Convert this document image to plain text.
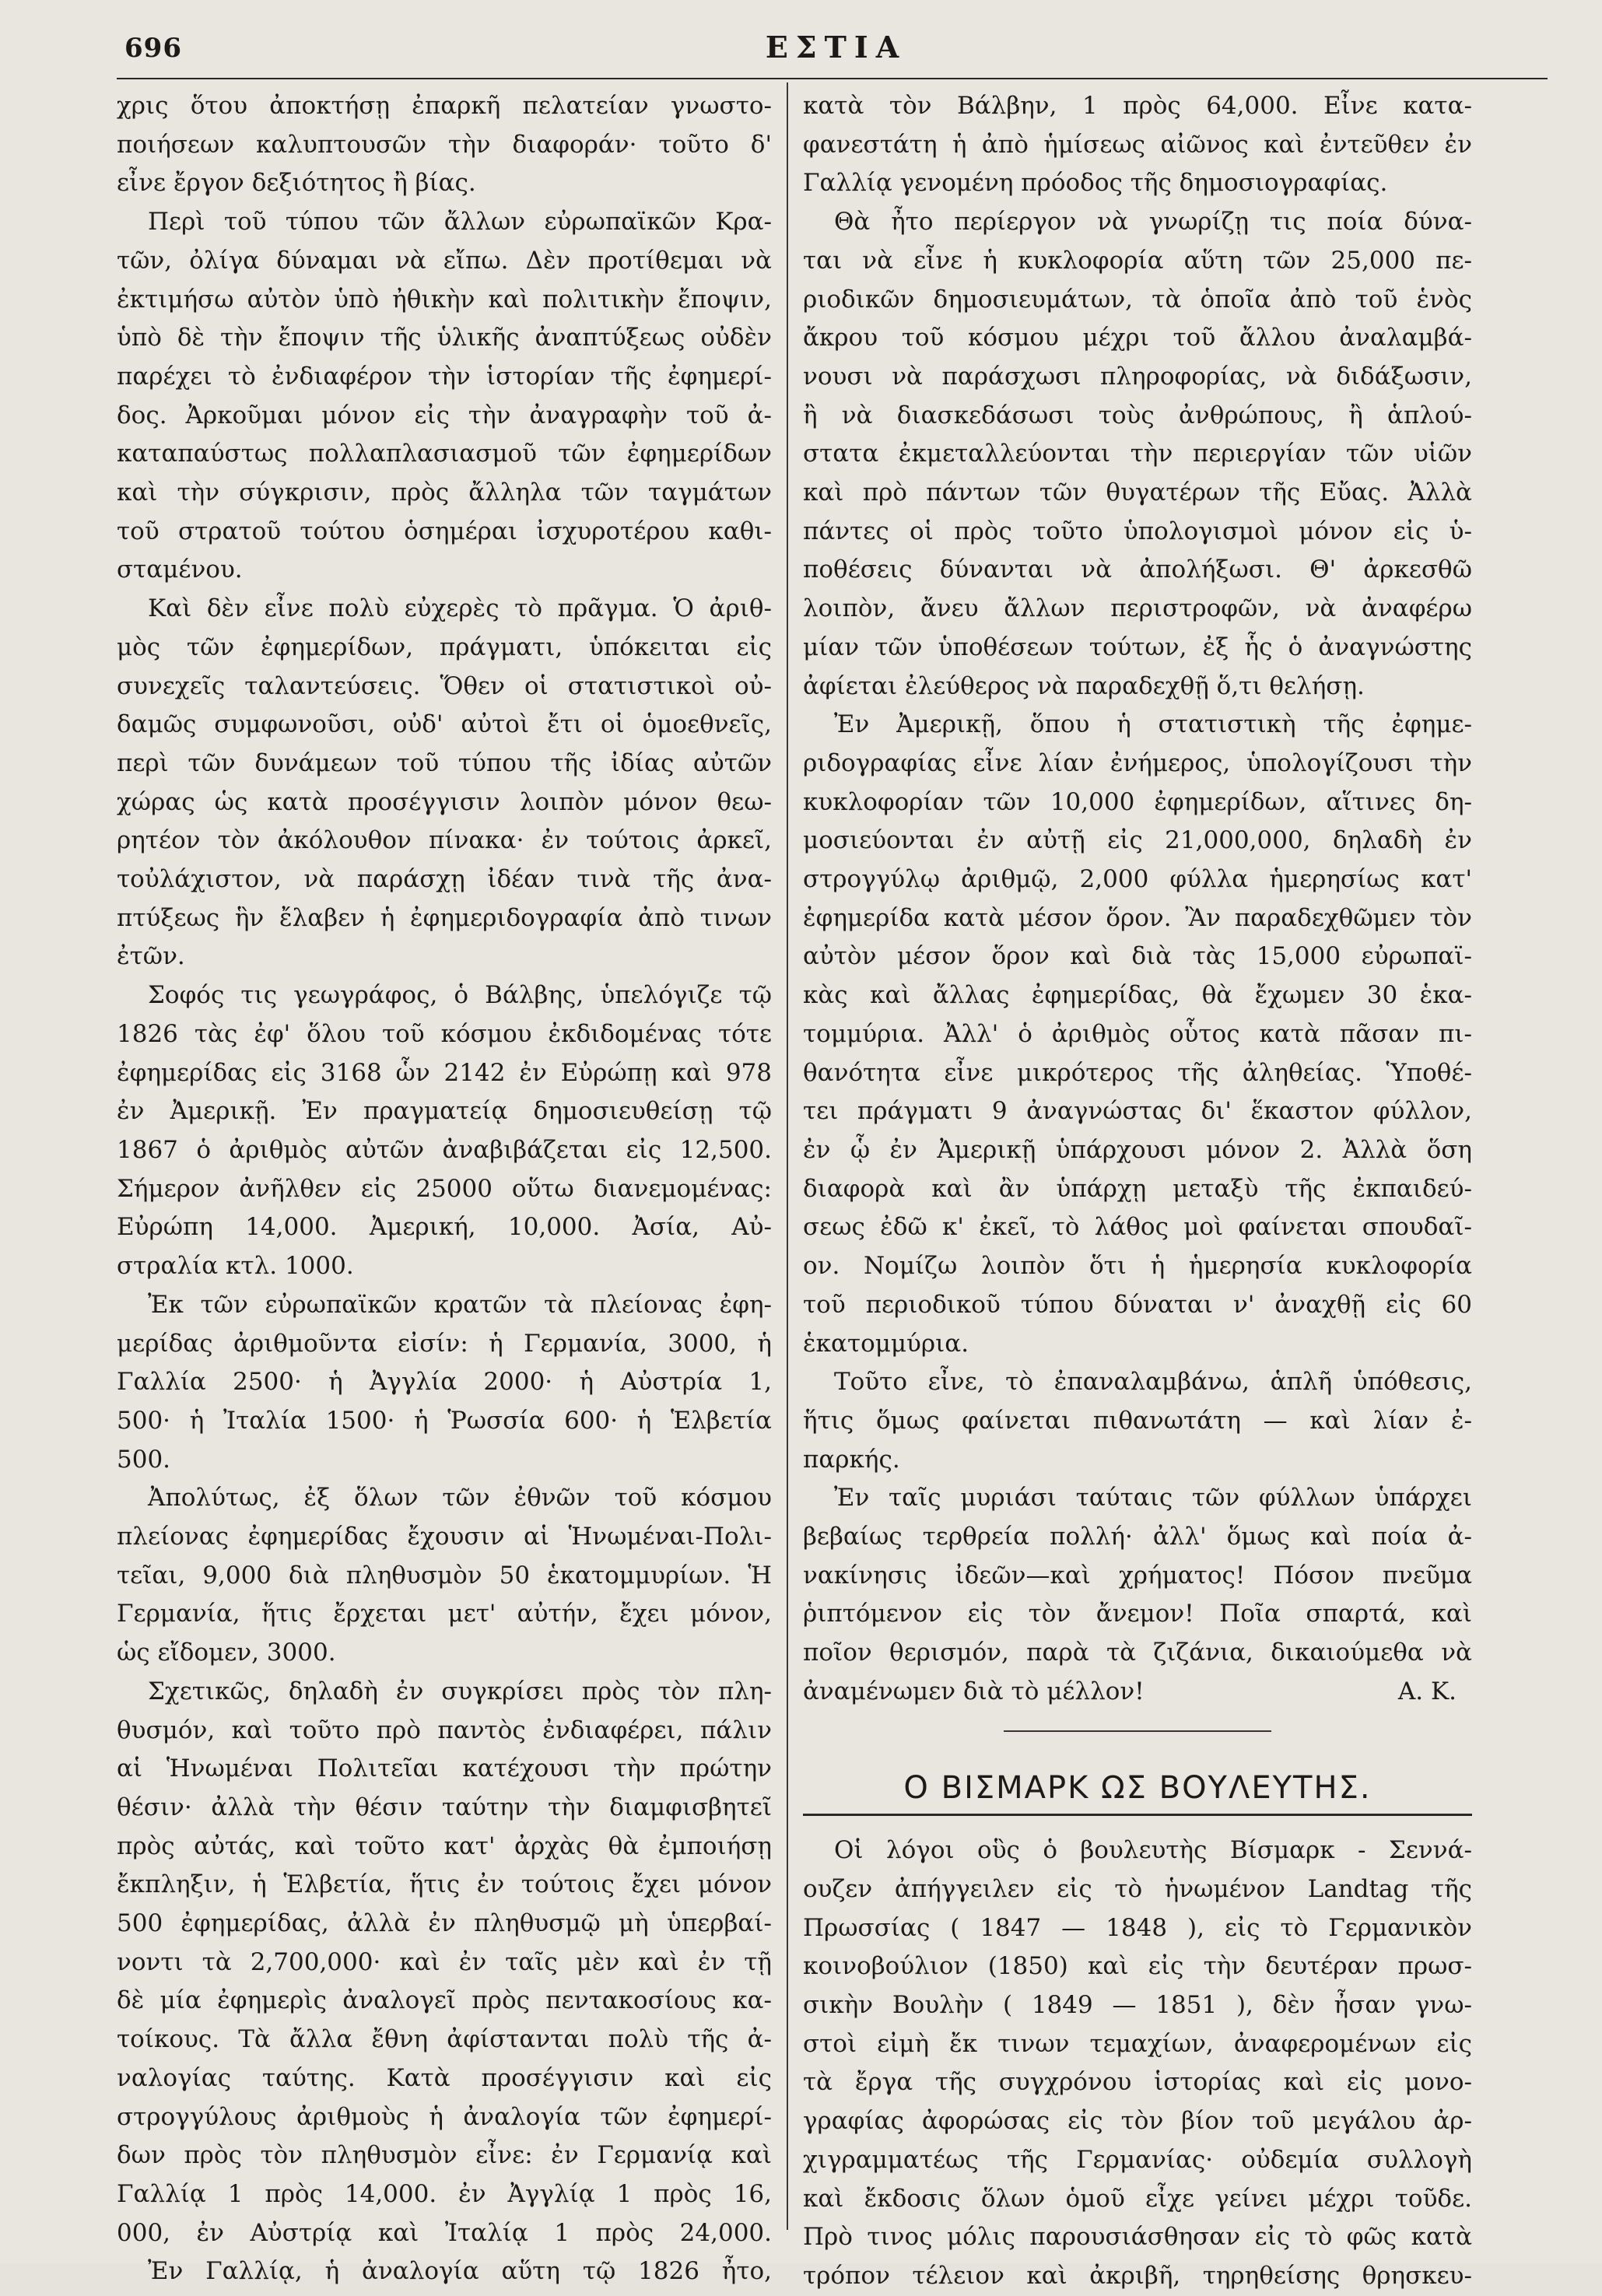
696	ΕΣΤΙΑ
χρις ὅτου ἀποκτήσῃ ἐπαρκῆ πελατείαν γνωστο-
ποιήσεων καλυπτουσῶν τὴν διαφοράν· τοῦτο δ'
εἶνε ἔργον δεξιότητος ἢ βίας.
Περὶ τοῦ τύπου τῶν ἄλλων εὐρωπαϊκῶν Κρα-
τῶν, ὀλίγα δύναμαι νὰ εἴπω. Δὲν προτίθεμαι νὰ
ἐκτιμήσω αὐτὸν ὑπὸ ἠθικὴν καὶ πολιτικὴν ἔποψιν,
ὑπὸ δὲ τὴν ἔποψιν τῆς ὑλικῆς ἀναπτύξεως οὐδὲν
παρέχει τὸ ἐνδιαφέρον τὴν ἱστορίαν τῆς ἐφημερί-
δος. Ἀρκοῦμαι μόνον εἰς τὴν ἀναγραφὴν τοῦ ἀ-
καταπαύστως πολλαπλασιασμοῦ τῶν ἐφημερίδων
καὶ τὴν σύγκρισιν, πρὸς ἄλληλα τῶν ταγμάτων
τοῦ στρατοῦ τούτου ὁσημέραι ἰσχυροτέρου καθι-
σταμένου.
Καὶ δὲν εἶνε πολὺ εὐχερὲς τὸ πρᾶγμα. Ὁ ἀριθ-
μὸς τῶν ἐφημερίδων, πράγματι, ὑπόκειται εἰς
συνεχεῖς ταλαντεύσεις. Ὅθεν οἱ στατιστικοὶ οὐ-
δαμῶς συμφωνοῦσι, οὐδ' αὐτοὶ ἔτι οἱ ὁμοεθνεῖς,
περὶ τῶν δυνάμεων τοῦ τύπου τῆς ἰδίας αὐτῶν
χώρας ὡς κατὰ προσέγγισιν λοιπὸν μόνον θεω-
ρητέον τὸν ἀκόλουθον πίνακα· ἐν τούτοις ἀρκεῖ,
τοὐλάχιστον, νὰ παράσχῃ ἰδέαν τινὰ τῆς ἀνα-
πτύξεως ἣν ἔλαβεν ἡ ἐφημεριδογραφία ἀπὸ τινων
ἐτῶν.
Σοφός τις γεωγράφος, ὁ Βάλβης, ὑπελόγιζε τῷ
1826 τὰς ἐφ' ὅλου τοῦ κόσμου ἐκδιδομένας τότε
ἐφημερίδας εἰς 3168 ὧν 2142 ἐν Εὐρώπῃ καὶ 978
ἐν Ἀμερικῇ. Ἐν πραγματείᾳ δημοσιευθείσῃ τῷ
1867 ὁ ἀριθμὸς αὐτῶν ἀναβιβάζεται εἰς 12,500.
Σήμερον ἀνῆλθεν εἰς 25000 οὕτω διανεμομένας:
Εὐρώπη 14,000. Ἀμερική, 10,000. Ἀσία, Αὐ-
στραλία κτλ. 1000.
Ἐκ τῶν εὐρωπαϊκῶν κρατῶν τὰ πλείονας ἐφη-
μερίδας ἀριθμοῦντα εἰσίν: ἡ Γερμανία, 3000, ἡ
Γαλλία 2500· ἡ Ἀγγλία 2000· ἡ Αὐστρία 1,
500· ἡ Ἰταλία 1500· ἡ Ῥωσσία 600· ἡ Ἑλβετία
500.
Ἀπολύτως, ἐξ ὅλων τῶν ἐθνῶν τοῦ κόσμου
πλείονας ἐφημερίδας ἔχουσιν αἱ Ἡνωμέναι-Πολι-
τεῖαι, 9,000 διὰ πληθυσμὸν 50 ἑκατομμυρίων. Ἡ
Γερμανία, ἥτις ἔρχεται μετ' αὐτήν, ἔχει μόνον,
ὡς εἴδομεν, 3000.
Σχετικῶς, δηλαδὴ ἐν συγκρίσει πρὸς τὸν πλη-
θυσμόν, καὶ τοῦτο πρὸ παντὸς ἐνδιαφέρει, πάλιν
αἱ Ἡνωμέναι Πολιτεῖαι κατέχουσι τὴν πρώτην
θέσιν· ἀλλὰ τὴν θέσιν ταύτην τὴν διαμφισβητεῖ
πρὸς αὐτάς, καὶ τοῦτο κατ' ἀρχὰς θὰ ἐμποιήσῃ
ἔκπληξιν, ἡ Ἑλβετία, ἥτις ἐν τούτοις ἔχει μόνον
500 ἐφημερίδας, ἀλλὰ ἐν πληθυσμῷ μὴ ὑπερβαί-
νοντι τὰ 2,700,000· καὶ ἐν ταῖς μὲν καὶ ἐν τῇ
δὲ μία ἐφημερὶς ἀναλογεῖ πρὸς πεντακοσίους κα-
τοίκους. Τὰ ἄλλα ἔθνη ἀφίστανται πολὺ τῆς ἀ-
ναλογίας ταύτης. Κατὰ προσέγγισιν καὶ εἰς
στρογγύλους ἀριθμοὺς ἡ ἀναλογία τῶν ἐφημερί-
δων πρὸς τὸν πληθυσμὸν εἶνε: ἐν Γερμανίᾳ καὶ
Γαλλίᾳ 1 πρὸς 14,000. ἐν Ἀγγλίᾳ 1 πρὸς 16,
000, ἐν Αὐστρίᾳ καὶ Ἰταλίᾳ 1 πρὸς 24,000.
Ἐν Γαλλίᾳ, ἡ ἀναλογία αὕτη τῷ 1826 ἦτο,
κατὰ τὸν Βάλβην, 1 πρὸς 64,000. Εἶνε κατα-
φανεστάτη ἡ ἀπὸ ἡμίσεως αἰῶνος καὶ ἐντεῦθεν ἐν
Γαλλίᾳ γενομένη πρόοδος τῆς δημοσιογραφίας.
Θὰ ἦτο περίεργον νὰ γνωρίζῃ τις ποία δύνα-
ται νὰ εἶνε ἡ κυκλοφορία αὕτη τῶν 25,000 πε-
ριοδικῶν δημοσιευμάτων, τὰ ὁποῖα ἀπὸ τοῦ ἑνὸς
ἄκρου τοῦ κόσμου μέχρι τοῦ ἄλλου ἀναλαμβά-
νουσι νὰ παράσχωσι πληροφορίας, νὰ διδάξωσιν,
ἢ νὰ διασκεδάσωσι τοὺς ἀνθρώπους, ἢ ἁπλού-
στατα ἐκμεταλλεύονται τὴν περιεργίαν τῶν υἱῶν
καὶ πρὸ πάντων τῶν θυγατέρων τῆς Εὔας. Ἀλλὰ
πάντες οἱ πρὸς τοῦτο ὑπολογισμοὶ μόνον εἰς ὑ-
ποθέσεις δύνανται νὰ ἀπολήξωσι. Θ' ἀρκεσθῶ
λοιπὸν, ἄνευ ἄλλων περιστροφῶν, νὰ ἀναφέρω
μίαν τῶν ὑποθέσεων τούτων, ἐξ ἧς ὁ ἀναγνώστης
ἀφίεται ἐλεύθερος νὰ παραδεχθῇ ὅ,τι θελήσῃ.
Ἐν Ἀμερικῇ, ὅπου ἡ στατιστικὴ τῆς ἐφημε-
ριδογραφίας εἶνε λίαν ἐνήμερος, ὑπολογίζουσι τὴν
κυκλοφορίαν τῶν 10,000 ἐφημερίδων, αἵτινες δη-
μοσιεύονται ἐν αὐτῇ εἰς 21,000,000, δηλαδὴ ἐν
στρογγύλῳ ἀριθμῷ, 2,000 φύλλα ἡμερησίως κατ'
ἐφημερίδα κατὰ μέσον ὅρον. Ἂν παραδεχθῶμεν τὸν
αὐτὸν μέσον ὅρον καὶ διὰ τὰς 15,000 εὐρωπαϊ-
κὰς καὶ ἄλλας ἐφημερίδας, θὰ ἔχωμεν 30 ἑκα-
τομμύρια. Ἀλλ' ὁ ἀριθμὸς οὗτος κατὰ πᾶσαν πι-
θανότητα εἶνε μικρότερος τῆς ἀληθείας. Ὑποθέ-
τει πράγματι 9 ἀναγνώστας δι' ἕκαστον φύλλον,
ἐν ᾧ ἐν Ἀμερικῇ ὑπάρχουσι μόνον 2. Ἀλλὰ ὅση
διαφορὰ καὶ ἂν ὑπάρχῃ μεταξὺ τῆς ἐκπαιδεύ-
σεως ἐδῶ κ' ἐκεῖ, τὸ λάθος μοὶ φαίνεται σπουδαῖ-
ον. Νομίζω λοιπὸν ὅτι ἡ ἡμερησία κυκλοφορία
τοῦ περιοδικοῦ τύπου δύναται ν' ἀναχθῇ εἰς 60
ἑκατομμύρια.
Τοῦτο εἶνε, τὸ ἐπαναλαμβάνω, ἁπλῆ ὑπόθεσις,
ἥτις ὅμως φαίνεται πιθανωτάτη — καὶ λίαν ἐ-
παρκής.
Ἐν ταῖς μυριάσι ταύταις τῶν φύλλων ὑπάρχει
βεβαίως τερθρεία πολλή· ἀλλ' ὅμως καὶ ποία ἀ-
νακίνησις ἰδεῶν—καὶ χρήματος! Πόσον πνεῦμα
ῥιπτόμενον εἰς τὸν ἄνεμον! Ποῖα σπαρτά, καὶ
ποῖον θερισμόν, παρὰ τὰ ζιζάνια, δικαιούμεθα νὰ
ἀναμένωμεν διὰ τὸ μέλλον!	Α. Κ.
Ο ΒΙΣΜΑΡΚ ΩΣ ΒΟΥΛΕΥΤΗΣ.
Οἱ λόγοι οὓς ὁ βουλευτὴς Βίσμαρκ - Σεννά-
ουζεν ἀπήγγειλεν εἰς τὸ ἡνωμένον Landtag τῆς
Πρωσσίας ( 1847 — 1848 ), εἰς τὸ Γερμανικὸν
κοινοβούλιον (1850) καὶ εἰς τὴν δευτέραν πρωσ-
σικὴν Βουλὴν ( 1849 — 1851 ), δὲν ἦσαν γνω-
στοὶ εἰμὴ ἔκ τινων τεμαχίων, ἀναφερομένων εἰς
τὰ ἔργα τῆς συγχρόνου ἱστορίας καὶ εἰς μονο-
γραφίας ἀφορώσας εἰς τὸν βίον τοῦ μεγάλου ἀρ-
χιγραμματέως τῆς Γερμανίας· οὐδεμία συλλογὴ
καὶ ἔκδοσις ὅλων ὁμοῦ εἶχε γείνει μέχρι τοῦδε.
Πρὸ τινος μόλις παρουσιάσθησαν εἰς τὸ φῶς κατὰ
τρόπον τέλειον καὶ ἀκριβῆ, τηρηθείσης θρησκευ-
